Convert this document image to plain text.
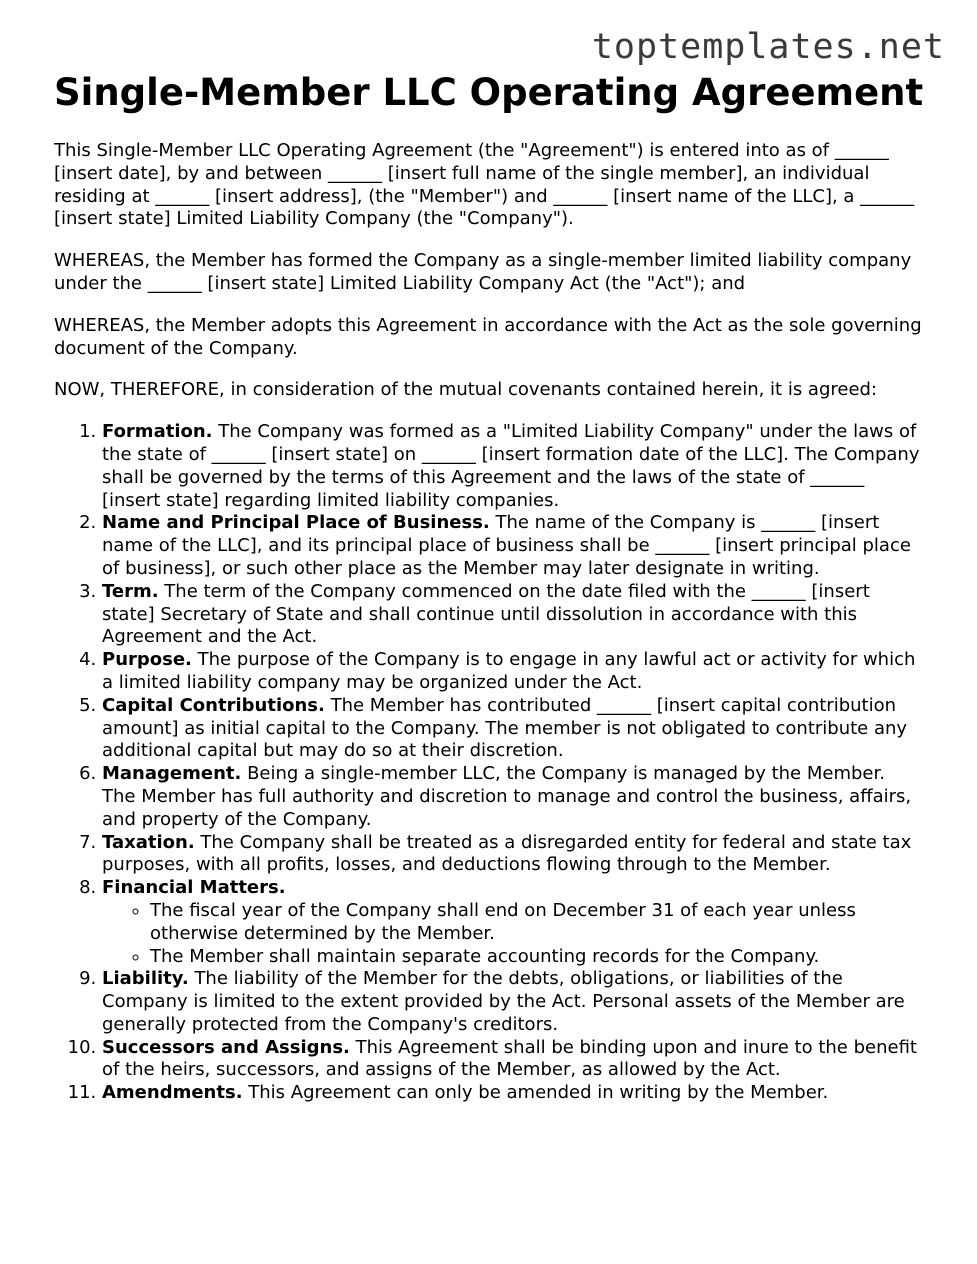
toptemplates.net
Single-Member LLC Operating Agreement

This Single-Member LLC Operating Agreement (the "Agreement") is entered into as of ______ [insert date], by and between ______ [insert full name of the single member], an individual residing at ______ [insert address], (the "Member") and ______ [insert name of the LLC], a ______ [insert state] Limited Liability Company (the "Company").

WHEREAS, the Member has formed the Company as a single-member limited liability company under the ______ [insert state] Limited Liability Company Act (the "Act"); and

WHEREAS, the Member adopts this Agreement in accordance with the Act as the sole governing document of the Company.

NOW, THEREFORE, in consideration of the mutual covenants contained herein, it is agreed:

1. Formation. The Company was formed as a "Limited Liability Company" under the laws of the state of ______ [insert state] on ______ [insert formation date of the LLC]. The Company shall be governed by the terms of this Agreement and the laws of the state of ______ [insert state] regarding limited liability companies.
2. Name and Principal Place of Business. The name of the Company is ______ [insert name of the LLC], and its principal place of business shall be ______ [insert principal place of business], or such other place as the Member may later designate in writing.
3. Term. The term of the Company commenced on the date filed with the ______ [insert state] Secretary of State and shall continue until dissolution in accordance with this Agreement and the Act.
4. Purpose. The purpose of the Company is to engage in any lawful act or activity for which a limited liability company may be organized under the Act.
5. Capital Contributions. The Member has contributed ______ [insert capital contribution amount] as initial capital to the Company. The member is not obligated to contribute any additional capital but may do so at their discretion.
6. Management. Being a single-member LLC, the Company is managed by the Member. The Member has full authority and discretion to manage and control the business, affairs, and property of the Company.
7. Taxation. The Company shall be treated as a disregarded entity for federal and state tax purposes, with all profits, losses, and deductions flowing through to the Member.
8. Financial Matters.
◦ The fiscal year of the Company shall end on December 31 of each year unless otherwise determined by the Member.
◦ The Member shall maintain separate accounting records for the Company.
9. Liability. The liability of the Member for the debts, obligations, or liabilities of the Company is limited to the extent provided by the Act. Personal assets of the Member are generally protected from the Company's creditors.
10. Successors and Assigns. This Agreement shall be binding upon and inure to the benefit of the heirs, successors, and assigns of the Member, as allowed by the Act.
11. Amendments. This Agreement can only be amended in writing by the Member.
